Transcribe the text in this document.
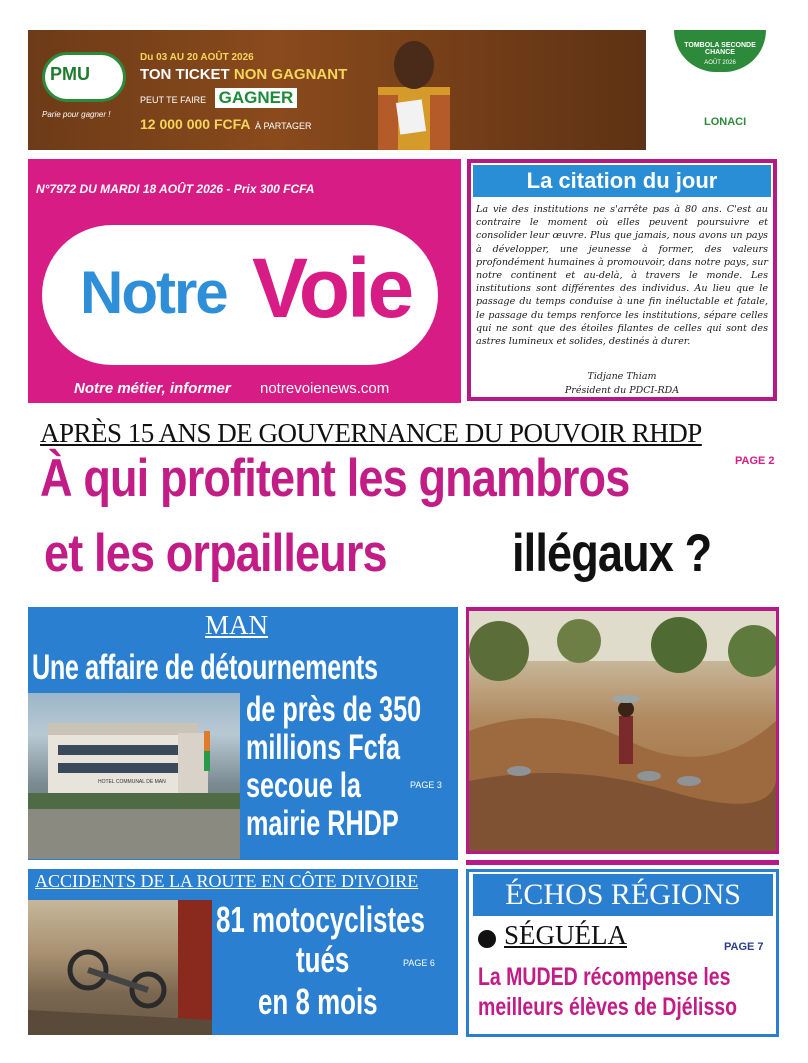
PMU
Parie pour gagner !
Du 03 AU 20 AOÛT 2026
TON TICKET NON GAGNANT
PEUT TE FAIRE GAGNER
12 000 000 FCFA À PARTAGER
TOMBOLA SECONDE CHANCE
AOÛT 2026
LONACI
N°7972 DU MARDI 18 AOÛT 2026 - Prix 300 FCFA
Notre Voie
Notre métier, informer notrevoienews.com
La citation du jour
La vie des institutions ne s'arrête pas à 80 ans. C'est au contraire le moment où elles peuvent poursuivre et consolider leur œuvre. Plus que jamais, nous avons un pays à développer, une jeunesse à former, des valeurs profondément humaines à promouvoir, dans notre pays, sur notre continent et au-delà, à travers le monde. Les institutions sont différentes des individus. Au lieu que le passage du temps conduise à une fin inéluctable et fatale, le passage du temps renforce les institutions, sépare celles qui ne sont que des étoiles filantes de celles qui sont des astres lumineux et solides, destinés à durer.
Tidjane Thiam
Président du PDCI-RDA
APRÈS 15 ANS DE GOUVERNANCE DU POUVOIR RHDP
PAGE 2
À qui profitent les gnambros
et les orpailleurs illégaux ?
MAN
Une affaire de détournements
de près de 350
millions Fcfa
secoue la
mairie RHDP
PAGE 3
HOTEL COMMUNAL DE MAN
ACCIDENTS DE LA ROUTE EN CÔTE D'IVOIRE
81 motocyclistes
tués
en 8 mois
PAGE 6
ÉCHOS RÉGIONS
SÉGUÉLA	PAGE 7
La MUDED récompense les
meilleurs élèves de Djélisso
